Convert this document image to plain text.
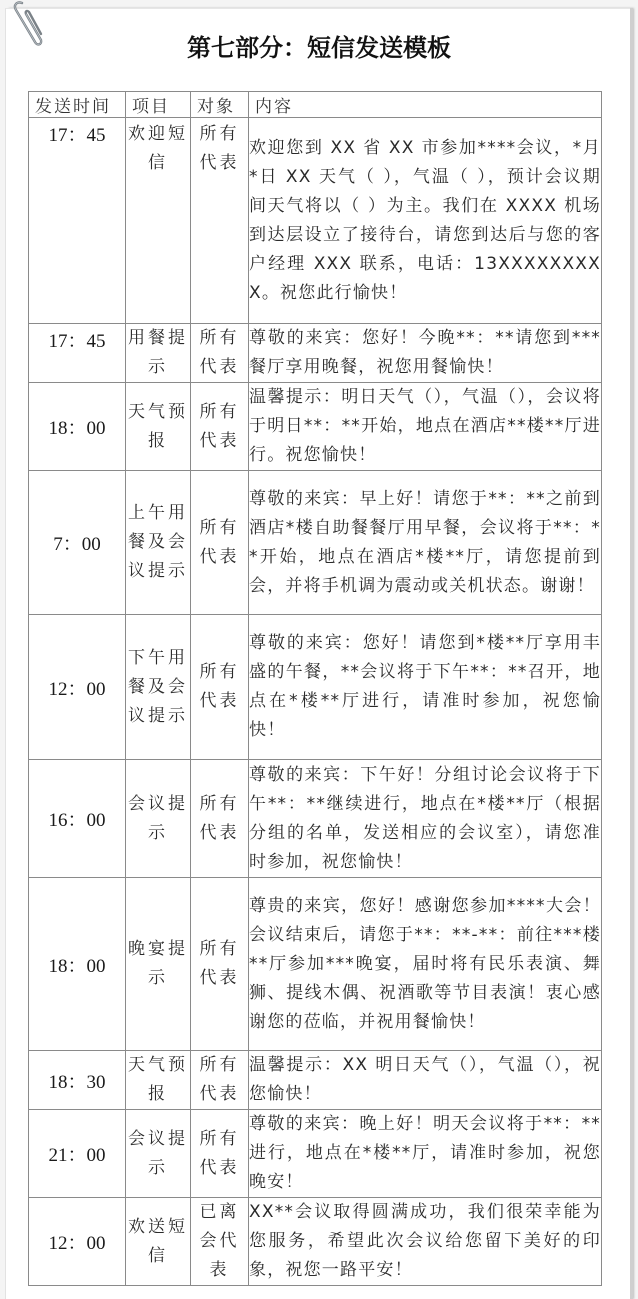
第七部分：短信发送模板
发送时间	项目	对象	内容
17：45	欢迎短信	所有代表	欢迎您到 XX 省 XX 市参加****会议，*月*日 XX 天气（ ），气温（ ），预计会议期间天气将以（ ）为主。我们在 XXXX 机场到达层设立了接待台，请您到达后与您的客户经理 XXX 联系，电话：13XXXXXXXXX。祝您此行愉快！
17：45	用餐提示	所有代表	尊敬的来宾：您好！今晚**：**请您到***餐厅享用晚餐，祝您用餐愉快！
18：00	天气预报	所有代表	温馨提示：明日天气（），气温（），会议将于明日**：**开始，地点在酒店**楼**厅进行。祝您愉快！
7：00	上午用餐及会议提示	所有代表	尊敬的来宾：早上好！请您于**：**之前到酒店*楼自助餐餐厅用早餐，会议将于**：**开始，地点在酒店*楼**厅，请您提前到会，并将手机调为震动或关机状态。谢谢！
12：00	下午用餐及会议提示	所有代表	尊敬的来宾：您好！请您到*楼**厅享用丰盛的午餐，**会议将于下午**：**召开，地点在*楼**厅进行，请准时参加，祝您愉快！
16：00	会议提示	所有代表	尊敬的来宾：下午好！分组讨论会议将于下午**：**继续进行，地点在*楼**厅（根据分组的名单，发送相应的会议室），请您准时参加，祝您愉快！
18：00	晚宴提示	所有代表	尊贵的来宾，您好！感谢您参加****大会！会议结束后，请您于**：**-**：前往***楼**厅参加***晚宴，届时将有民乐表演、舞狮、提线木偶、祝酒歌等节目表演！衷心感谢您的莅临，并祝用餐愉快！
18：30	天气预报	所有代表	温馨提示：XX 明日天气（），气温（），祝您愉快！
21：00	会议提示	所有代表	尊敬的来宾：晚上好！明天会议将于**：**进行，地点在*楼**厅，请准时参加，祝您晚安！
12：00	欢送短信	已离会代表	XX**会议取得圆满成功，我们很荣幸能为您服务，希望此次会议给您留下美好的印象，祝您一路平安！
